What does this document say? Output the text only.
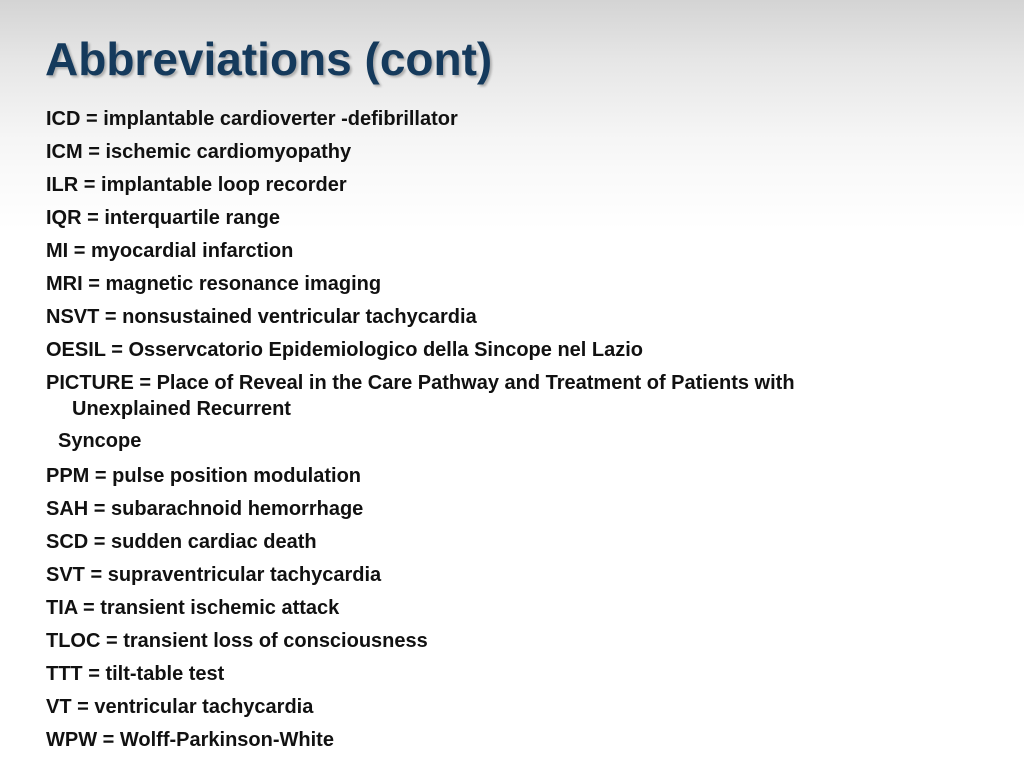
Abbreviations (cont)
ICD = implantable cardioverter -defibrillator
ICM = ischemic cardiomyopathy
ILR = implantable loop recorder
IQR = interquartile range
MI = myocardial infarction
MRI = magnetic resonance imaging
NSVT = nonsustained ventricular tachycardia
OESIL = Osservcatorio Epidemiologico della Sincope nel Lazio
PICTURE = Place of Reveal in the Care Pathway and Treatment of Patients with
Unexplained Recurrent
Syncope
PPM = pulse position modulation
SAH = subarachnoid hemorrhage
SCD = sudden cardiac death
SVT = supraventricular tachycardia
TIA = transient ischemic attack
TLOC = transient loss of consciousness
TTT = tilt-table test
VT = ventricular tachycardia
WPW = Wolff-Parkinson-White
